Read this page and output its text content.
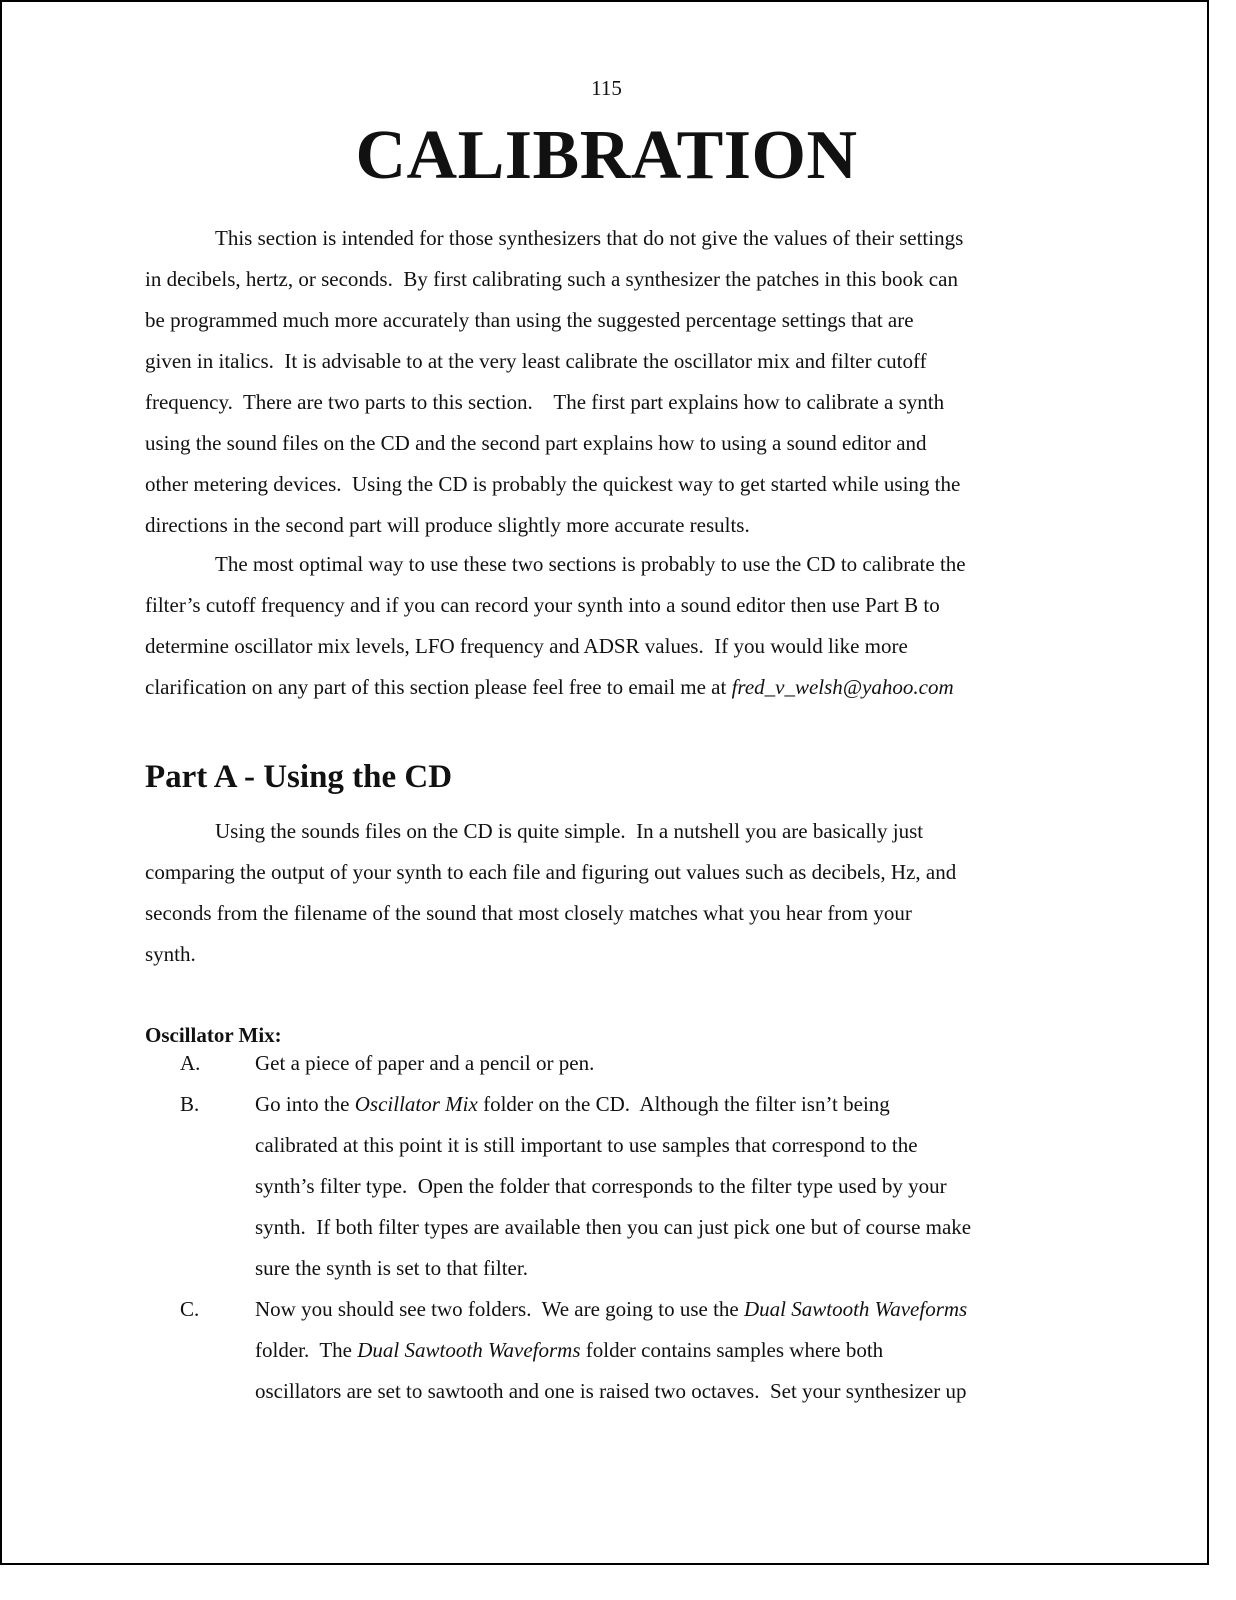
115
CALIBRATION
This section is intended for those synthesizers that do not give the values of their settings
in decibels, hertz, or seconds.  By first calibrating such a synthesizer the patches in this book can
be programmed much more accurately than using the suggested percentage settings that are
given in italics.  It is advisable to at the very least calibrate the oscillator mix and filter cutoff
frequency.  There are two parts to this section.    The first part explains how to calibrate a synth
using the sound files on the CD and the second part explains how to using a sound editor and
other metering devices.  Using the CD is probably the quickest way to get started while using the
directions in the second part will produce slightly more accurate results.
The most optimal way to use these two sections is probably to use the CD to calibrate the
filter’s cutoff frequency and if you can record your synth into a sound editor then use Part B to
determine oscillator mix levels, LFO frequency and ADSR values.  If you would like more
clarification on any part of this section please feel free to email me at fred_v_welsh@yahoo.com
Part A - Using the CD
Using the sounds files on the CD is quite simple.  In a nutshell you are basically just
comparing the output of your synth to each file and figuring out values such as decibels, Hz, and
seconds from the filename of the sound that most closely matches what you hear from your
synth.
Oscillator Mix:
A.	Get a piece of paper and a pencil or pen.
B.	Go into the Oscillator Mix folder on the CD.  Although the filter isn’t being
calibrated at this point it is still important to use samples that correspond to the
synth’s filter type.  Open the folder that corresponds to the filter type used by your
synth.  If both filter types are available then you can just pick one but of course make
sure the synth is set to that filter.
C.	Now you should see two folders.  We are going to use the Dual Sawtooth Waveforms
folder.  The Dual Sawtooth Waveforms folder contains samples where both
oscillators are set to sawtooth and one is raised two octaves.  Set your synthesizer up
